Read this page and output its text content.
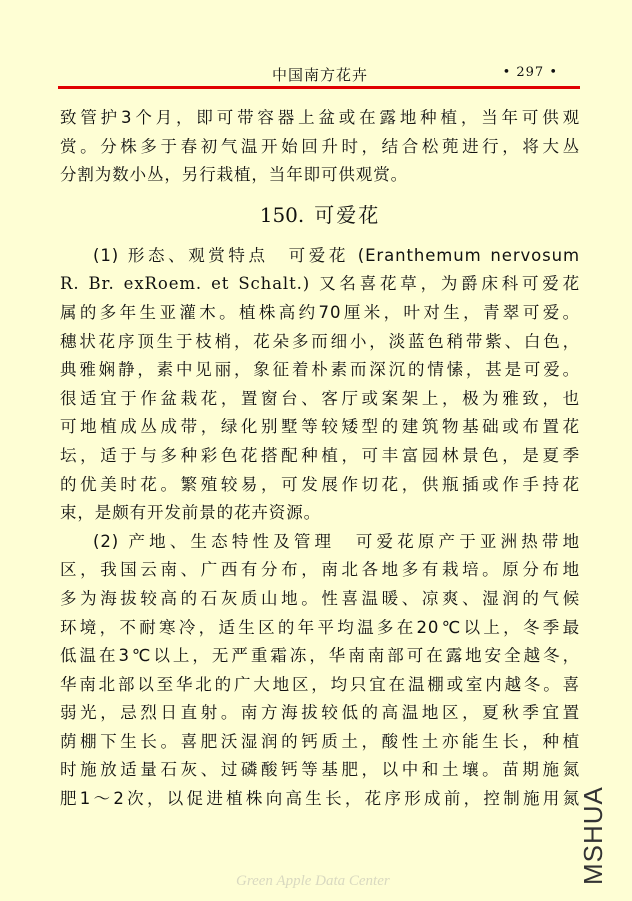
中国南方花卉	• 297 •
致管护3个月，即可带容器上盆或在露地种植，当年可供观
赏。分株多于春初气温开始回升时，结合松蔸进行，将大丛
分割为数小丛，另行栽植，当年即可供观赏。
150. 可爱花
(1) 形态、观赏特点　可爱花 (Eranthemum nervosum
R. Br. exRoem. et Schalt.) 又名喜花草，为爵床科可爱花
属的多年生亚灌木。植株高约70厘米，叶对生，青翠可爱。
穗状花序顶生于枝梢，花朵多而细小，淡蓝色稍带紫、白色，
典雅娴静，素中见丽，象征着朴素而深沉的情愫，甚是可爱。
很适宜于作盆栽花，置窗台、客厅或案架上，极为雅致，也
可地植成丛成带，绿化别墅等较矮型的建筑物基础或布置花
坛，适于与多种彩色花搭配种植，可丰富园林景色，是夏季
的优美时花。繁殖较易，可发展作切花，供瓶插或作手持花
束，是颇有开发前景的花卉资源。
(2) 产地、生态特性及管理　可爱花原产于亚洲热带地
区，我国云南、广西有分布，南北各地多有栽培。原分布地
多为海拔较高的石灰质山地。性喜温暖、凉爽、湿润的气候
环境，不耐寒冷，适生区的年平均温多在20℃以上，冬季最
低温在3℃以上，无严重霜冻，华南南部可在露地安全越冬，
华南北部以至华北的广大地区，均只宜在温棚或室内越冬。喜
弱光，忌烈日直射。南方海拔较低的高温地区，夏秋季宜置
荫棚下生长。喜肥沃湿润的钙质土，酸性土亦能生长，种植
时施放适量石灰、过磷酸钙等基肥，以中和土壤。苗期施氮
肥1～2次，以促进植株向高生长，花序形成前，控制施用氮
MSHUA
Green Apple Data Center
